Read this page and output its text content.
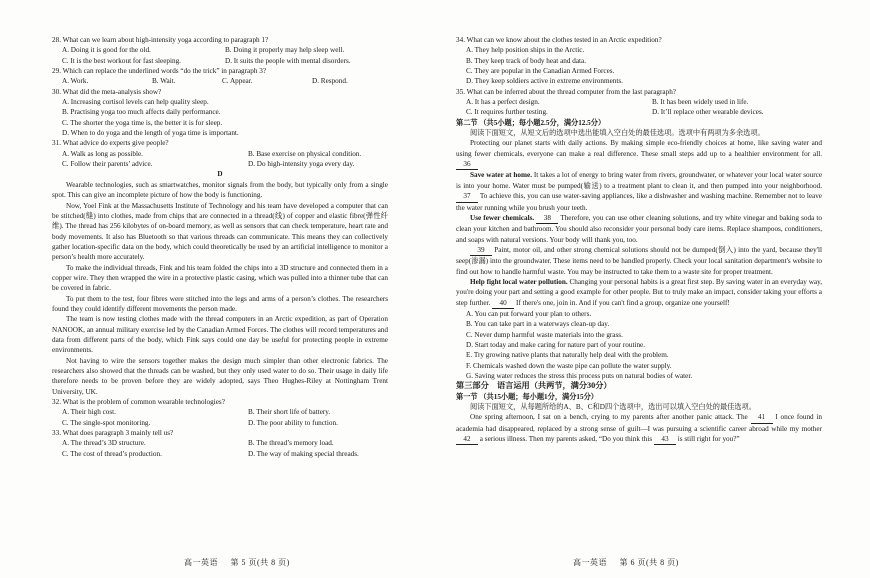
28. What can we learn about high-intensity yoga according to paragraph 1?
A. Doing it is good for the old.	B. Doing it properly may help sleep well.
C. It is the best workout for fast sleeping.	D. It suits the people with mental disorders.
29. Which can replace the underlined words “do the trick” in paragraph 3?
A. Work.	B. Wait.	C. Appear.	D. Respond.
30. What did the meta-analysis show?
A. Increasing cortisol levels can help quality sleep.
B. Practising yoga too much affects daily performance.
C. The shorter the yoga time is, the better it is for sleep.
D. When to do yoga and the length of yoga time is important.
31. What advice do experts give people?
A. Walk as long as possible.	B. Base exercise on physical condition.
C. Follow their parents’ advice.	D. Do high-intensity yoga every day.
D
Wearable technologies, such as smartwatches, monitor signals from the body, but typically only from a single spot. This can give an incomplete picture of how the body is functioning.
Now, Yoel Fink at the Massachusetts Institute of Technology and his team have developed a computer that can be stitched(缝) into clothes, made from chips that are connected in a thread(线) of copper and elastic fibre(弹性纤维). The thread has 256 kilobytes of on-board memory, as well as sensors that can check temperature, heart rate and body movements. It also has Bluetooth so that various threads can communicate. This means they can collectively gather location-specific data on the body, which could theoretically be used by an artificial intelligence to monitor a person’s health more accurately.
To make the individual threads, Fink and his team folded the chips into a 3D structure and connected them in a copper wire. They then wrapped the wire in a protective plastic casing, which was pulled into a thinner tube that can be covered in fabric.
To put them to the test, four fibres were stitched into the legs and arms of a person’s clothes. The researchers found they could identify different movements the person made.
The team is now testing clothes made with the thread computers in an Arctic expedition, as part of Operation NANOOK, an annual military exercise led by the Canadian Armed Forces. The clothes will record temperatures and data from different parts of the body, which Fink says could one day be useful for protecting people in extreme environments.
Not having to wire the sensors together makes the design much simpler than other electronic fabrics. The researchers also showed that the threads can be washed, but they only used water to do so. Their usage in daily life therefore needs to be proven before they are widely adopted, says Theo Hughes-Riley at Nottingham Trent University, UK.
32. What is the problem of common wearable technologies?
A. Their high cost.	B. Their short life of battery.
C. The single-spot monitoring.	D. The poor ability to function.
33. What does paragraph 3 mainly tell us?
A. The thread’s 3D structure.	B. The thread’s memory load.
C. The cost of thread’s production.	D. The way of making special threads.
34. What can we know about the clothes tested in an Arctic expedition?
A. They help position ships in the Arctic.
B. They keep track of body heat and data.
C. They are popular in the Canadian Armed Forces.
D. They keep soldiers active in extreme environments.
35. What can be inferred about the thread computer from the last paragraph?
A. It has a perfect design.	B. It has been widely used in life.
C. It requires further testing.	D. It’ll replace other wearable devices.
第二节 （共5小题；每小题2.5分，满分12.5分）
阅读下面短文，从短文后的选项中选出能填入空白处的最佳选项。选项中有两项为多余选项。
Protecting our planet starts with daily actions. By making simple eco-friendly choices at home, like saving water and using fewer chemicals, everyone can make a real difference. These small steps add up to a healthier environment for all. 36
Save water at home. It takes a lot of energy to bring water from rivers, groundwater, or whatever your local water source is into your home. Water must be pumped(输送) to a treatment plant to clean it, and then pumped into your neighborhood. 37 To achieve this, you can use water-saving appliances, like a dishwasher and washing machine. Remember not to leave the water running while you brush your teeth.
Use fewer chemicals. 38 Therefore, you can use other cleaning solutions, and try white vinegar and baking soda to clean your kitchen and bathroom. You should also reconsider your personal body care items. Replace shampoos, conditioners, and soaps with natural versions. Your body will thank you, too.
39 Paint, motor oil, and other strong chemical solutions should not be dumped(倒入) into the yard, because they'll seep(渗漏) into the groundwater. These items need to be handled properly. Check your local sanitation department's website to find out how to handle harmful waste. You may be instructed to take them to a waste site for proper treatment.
Help fight local water pollution. Changing your personal habits is a great first step. By saving water in an everyday way, you're doing your part and setting a good example for other people. But to truly make an impact, consider taking your efforts a step further. 40 If there's one, join in. And if you can't find a group, organize one yourself!
A. You can put forward your plan to others.
B. You can take part in a waterways clean-up day.
C. Never dump harmful waste materials into the grass.
D. Start today and make caring for nature part of your routine.
E. Try growing native plants that naturally help deal with the problem.
F. Chemicals washed down the waste pipe can pollute the water supply.
G. Saving water reduces the stress this process puts on natural bodies of water.
第三部分　语言运用（共两节，满分30分）
第一节 （共15小题；每小题1分，满分15分）
阅读下面短文，从每题所给的A、B、C和D四个选项中，选出可以填入空白处的最佳选项。
One spring afternoon, I sat on a bench, crying to my parents after another panic attack. The 41 I once found in academia had disappeared, replaced by a strong sense of guilt—I was pursuing a scientific career abroad while my mother 42 a serious illness. Then my parents asked, “Do you think this 43 is still right for you?”
高一英语 第 5 页(共 8 页)	高一英语 第 6 页(共 8 页)
